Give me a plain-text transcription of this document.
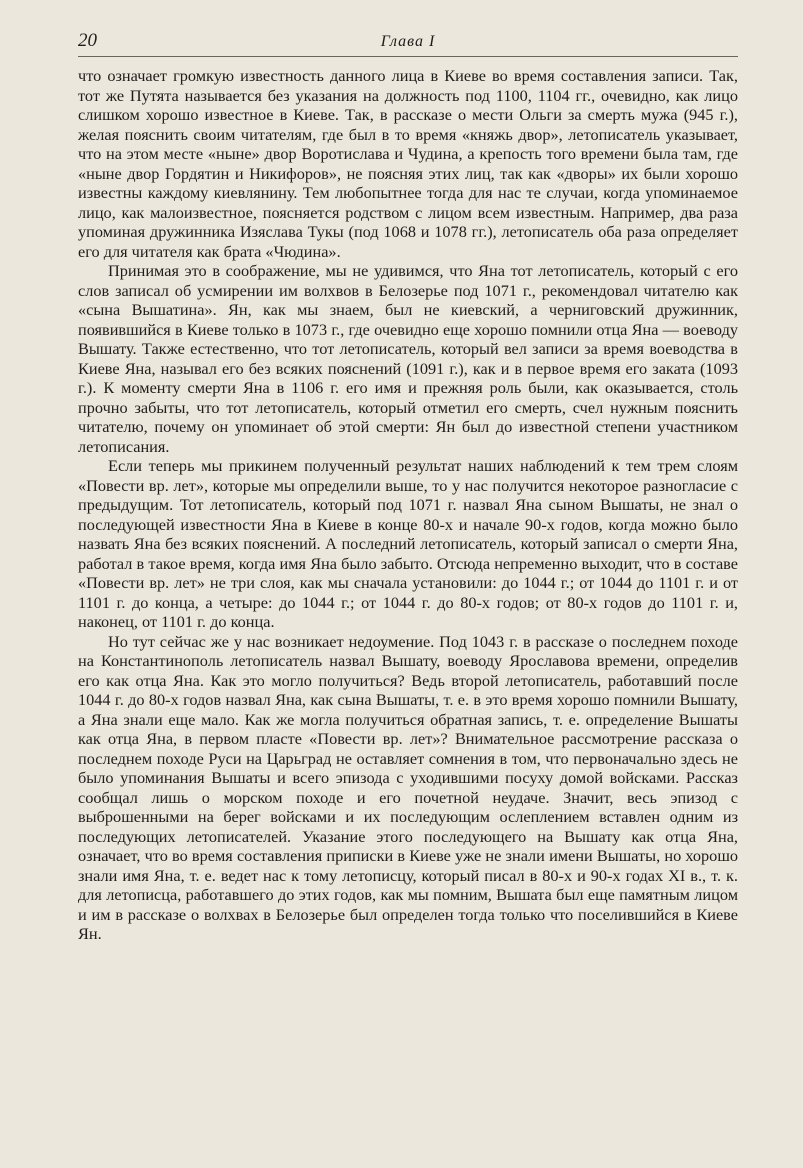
20	Глава I

что означает громкую известность данного лица в Киеве во время составления записи. Так, тот же Путята называется без указания на должность под 1100, 1104 гг., очевидно, как лицо слишком хорошо известное в Киеве. Так, в рассказе о мести Ольги за смерть мужа (945 г.), желая пояснить своим читателям, где был в то время «княжь двор», летописатель указывает, что на этом месте «ныне» двор Воротислава и Чудина, а крепость того времени была там, где «ныне двор Гордятин и Никифоров», не поясняя этих лиц, так как «дворы» их были хорошо известны каждому киевлянину. Тем любопытнее тогда для нас те случаи, когда упоминаемое лицо, как малоизвестное, поясняется родством с лицом всем известным. Например, два раза упоминая дружинника Изяслава Тукы (под 1068 и 1078 гг.), летописатель оба раза определяет его для читателя как брата «Чюдина».

Принимая это в соображение, мы не удивимся, что Яна тот летописатель, который с его слов записал об усмирении им волхвов в Белозерье под 1071 г., рекомендовал читателю как «сына Вышатина». Ян, как мы знаем, был не киевский, а черниговский дружинник, появившийся в Киеве только в 1073 г., где очевидно еще хорошо помнили отца Яна — воеводу Вышату. Также естественно, что тот летописатель, который вел записи за время воеводства в Киеве Яна, называл его без всяких пояснений (1091 г.), как и в первое время его заката (1093 г.). К моменту смерти Яна в 1106 г. его имя и прежняя роль были, как оказывается, столь прочно забыты, что тот летописатель, который отметил его смерть, счел нужным пояснить читателю, почему он упоминает об этой смерти: Ян был до известной степени участником летописания.

Если теперь мы прикинем полученный результат наших наблюдений к тем трем слоям «Повести вр. лет», которые мы определили выше, то у нас получится некоторое разногласие с предыдущим. Тот летописатель, который под 1071 г. назвал Яна сыном Вышаты, не знал о последующей известности Яна в Киеве в конце 80-х и начале 90-х годов, когда можно было назвать Яна без всяких пояснений. А последний летописатель, который записал о смерти Яна, работал в такое время, когда имя Яна было забыто. Отсюда непременно выходит, что в составе «Повести вр. лет» не три слоя, как мы сначала установили: до 1044 г.; от 1044 до 1101 г. и от 1101 г. до конца, а четыре: до 1044 г.; от 1044 г. до 80-х годов; от 80-х годов до 1101 г. и, наконец, от 1101 г. до конца.

Но тут сейчас же у нас возникает недоумение. Под 1043 г. в рассказе о последнем походе на Константинополь летописатель назвал Вышату, воеводу Ярославова времени, определив его как отца Яна. Как это могло получиться? Ведь второй летописатель, работавший после 1044 г. до 80-х годов назвал Яна, как сына Вышаты, т. е. в это время хорошо помнили Вышату, а Яна знали еще мало. Как же могла получиться обратная запись, т. е. определение Вышаты как отца Яна, в первом пласте «Повести вр. лет»? Внимательное рассмотрение рассказа о последнем походе Руси на Царьград не оставляет сомнения в том, что первоначально здесь не было упоминания Вышаты и всего эпизода с уходившими посуху домой войсками. Рассказ сообщал лишь о морском походе и его почетной неудаче. Значит, весь эпизод с выброшенными на берег войсками и их последующим ослеплением вставлен одним из последующих летописателей. Указание этого последующего на Вышату как отца Яна, означает, что во время составления приписки в Киеве уже не знали имени Вышаты, но хорошо знали имя Яна, т. е. ведет нас к тому летописцу, который писал в 80-х и 90-х годах XI в., т. к. для летописца, работавшего до этих годов, как мы помним, Вышата был еще памятным лицом и им в рассказе о волхвах в Белозерье был определен тогда только что поселившийся в Киеве Ян.
